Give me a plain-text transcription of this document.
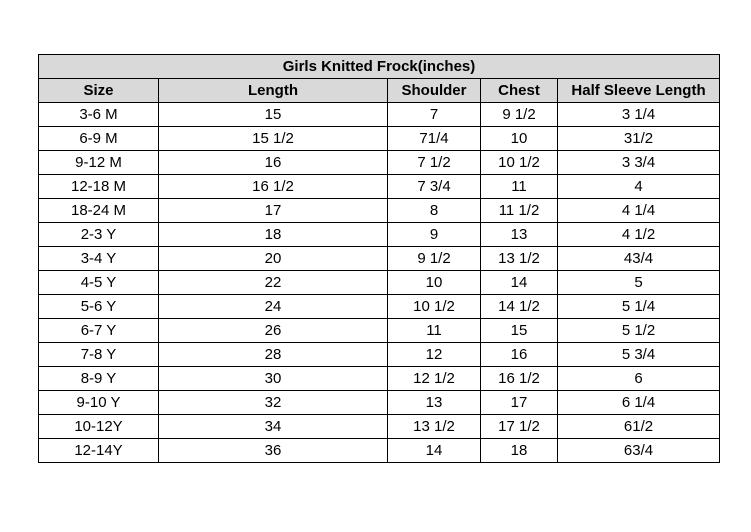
Girls Knitted Frock(inches)				
Size	Length	Shoulder	Chest	Half Sleeve Length
3-6 M	15	7	9 1/2	3 1/4
6-9 M	15 1/2	71/4	10	31/2
9-12 M	16	7 1/2	10 1/2	3 3/4
12-18 M	16 1/2	7 3/4	11	4
18-24 M	17	8	11 1/2	4 1/4
2-3 Y	18	9	13	4 1/2
3-4 Y	20	9 1/2	13 1/2	43/4
4-5 Y	22	10	14	5
5-6 Y	24	10 1/2	14 1/2	5 1/4
6-7 Y	26	11	15	5 1/2
7-8 Y	28	12	16	5 3/4
8-9 Y	30	12 1/2	16 1/2	6
9-10 Y	32	13	17	6 1/4
10-12Y	34	13 1/2	17 1/2	61/2
12-14Y	36	14	18	63/4
